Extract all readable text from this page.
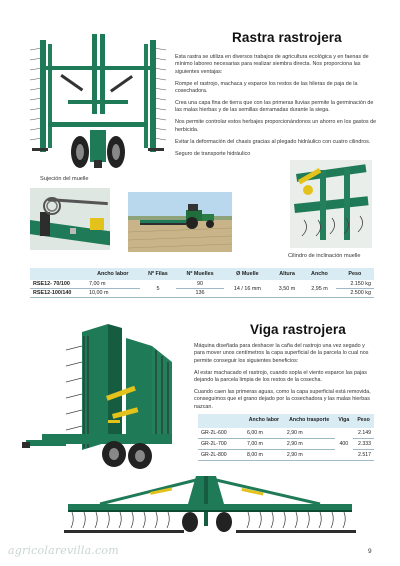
Rastra rastrojera

Esta rastra se utiliza en diversos trabajos de agricultura ecológica y en faenas de mínimo laboreo necesarias para realizar siembra directa. Nos proporciona las siguientes ventajas:

Rompe el rastrojo, machaca y esparce los restos de las hileras de paja de la cosechadora.

Crea una capa fina de tierra que con las primeras lluvias permite la germinación de las malas hierbas y de las semillas derramadas durante la siega.

Nos permite controlar estos herbajes proporcionándonos un ahorro en los gastos de herbicida.

Evitar la deformación del chasis gracias al plegado hidráulico con cuatro cilindros.

Seguro de transporte hidráulico

Sujeción del muelle
Cilindro de inclinación muelle
	Ancho labor	Nº Filas	Nº Muelles	Ø Muelle	Altura	Ancho	Peso
RSE12- 70/100	7,00 m	5	90	14 / 16 mm	3,50 m	2,95 m	2.150 kg
RSE12-100/140	10,00 m		136				2.500 kg
Viga rastrojera

Máquina diseñada para deshacer la caña del rastrojo una vez segado y para mover unos centímetros la capa superficial de la parcela lo cual nos permite conseguir los siguientes beneficios:

Al estar machacado el rastrojo, cuando sopla el viento esparce las pajas dejando la parcela limpia de los restos de la cosecha.

Cuando caen las primeras aguas, como la capa superficial está removida, conseguimos que el grano dejado por la cosechadora y las malas hierbas nazcan.

	Ancho labor	Ancho trasporte	Viga	Peso
GR-2L-600	6,00 m	2,90 m	400	2.149
GR-2L-700	7,00 m	2,90 m		2.333
GR-2L-800	8,00 m	2,90 m		2.517
agricolarevilla.com	9
